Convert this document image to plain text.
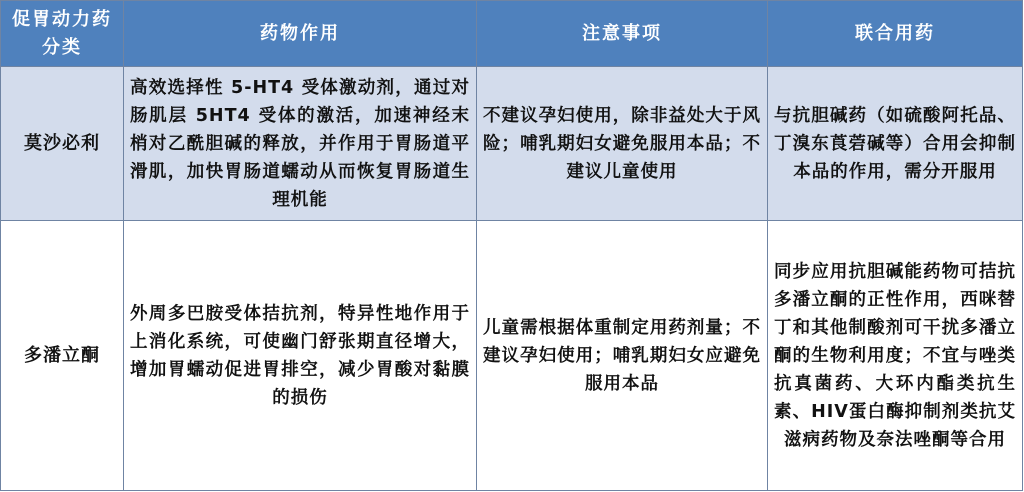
促胃动力药分类	药物作用	注意事项	联合用药
莫沙必利	高效选择性 5-HT4 受体激动剂，通过对肠肌层 5HT4 受体的激活，加速神经末梢对乙酰胆碱的释放，并作用于胃肠道平滑肌，加快胃肠道蠕动从而恢复胃肠道生理机能	不建议孕妇使用，除非益处大于风险；哺乳期妇女避免服用本品；不建议儿童使用	与抗胆碱药（如硫酸阿托品、丁溴东莨菪碱等）合用会抑制本品的作用，需分开服用
多潘立酮	外周多巴胺受体拮抗剂，特异性地作用于上消化系统，可使幽门舒张期直径增大，增加胃蠕动促进胃排空，减少胃酸对黏膜的损伤	儿童需根据体重制定用药剂量；不建议孕妇使用；哺乳期妇女应避免服用本品	同步应用抗胆碱能药物可拮抗多潘立酮的正性作用，西咪替丁和其他制酸剂可干扰多潘立酮的生物利用度；不宜与唑类抗真菌药、大环内酯类抗生素、HIV蛋白酶抑制剂类抗艾滋病药物及奈法唑酮等合用
